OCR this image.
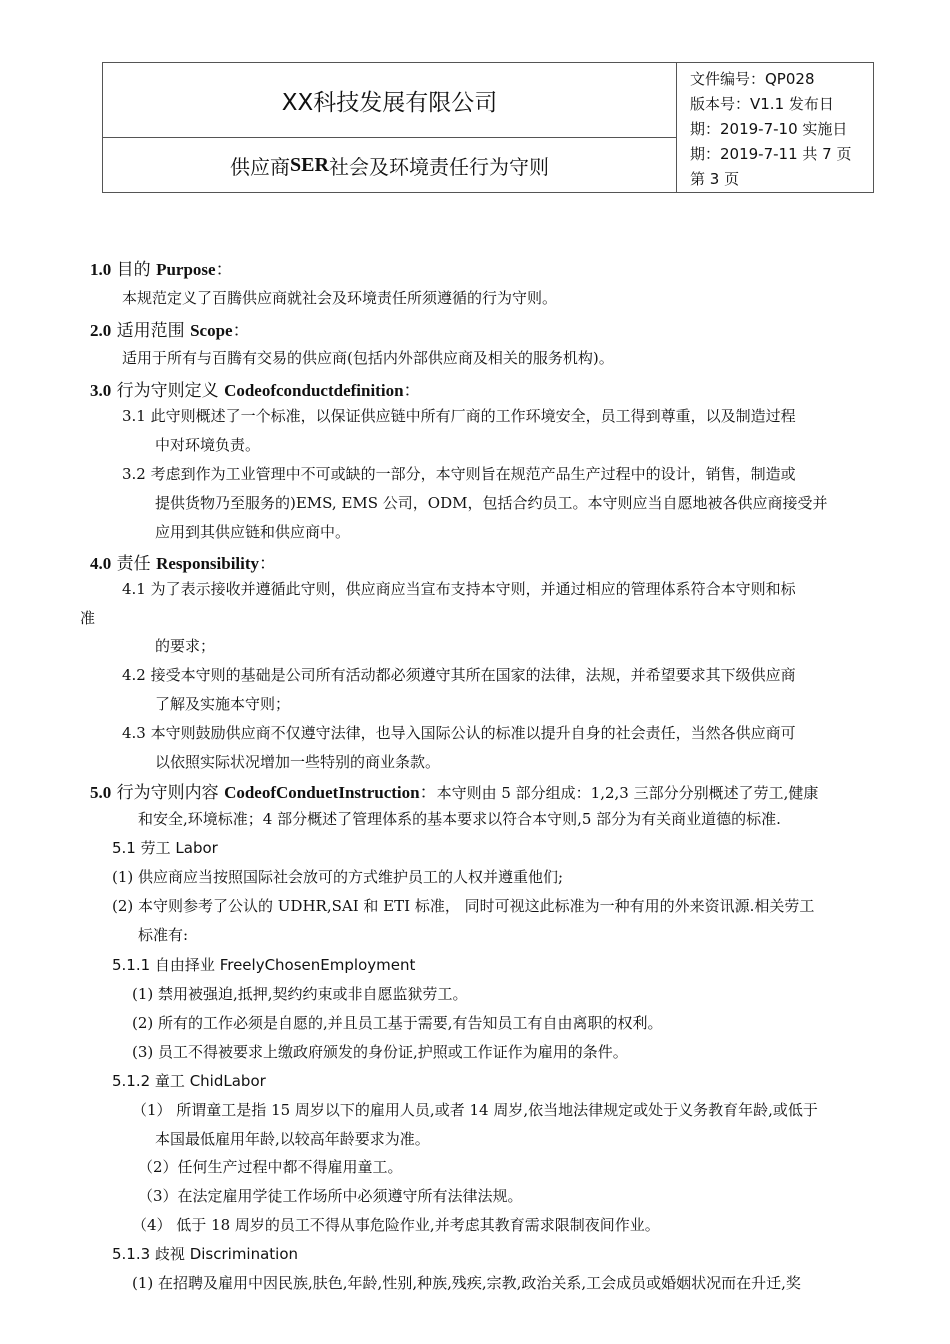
XX科技发展有限公司
供应商 SER 社会及环境责任行为守则
文件编号：QP028
版本号：V1.1 发布日
期：2019-7-10 实施日
期：2019-7-11 共 7 页
第 3 页
1.0 目的 Purpose：
本规范定义了百腾供应商就社会及环境责任所须遵循的行为守则。
2.0 适用范围 Scope：
适用于所有与百腾有交易的供应商(包括内外部供应商及相关的服务机构)。
3.0 行为守则定义 Codeofconductdefinition：
3.1 此守则概述了一个标准，以保证供应链中所有厂商的工作环境安全，员工得到尊重，以及制造过程
中对环境负责。
3.2 考虑到作为工业管理中不可或缺的一部分，本守则旨在规范产品生产过程中的设计，销售，制造或
提供货物乃至服务的)EMS, EMS 公司，ODM，包括合约员工。本守则应当自愿地被各供应商接受并
应用到其供应链和供应商中。
4.0 责任 Responsibility：
4.1 为了表示接收并遵循此守则，供应商应当宣布支持本守则，并通过相应的管理体系符合本守则和标
准
的要求；
4.2 接受本守则的基础是公司所有活动都必须遵守其所在国家的法律，法规，并希望要求其下级供应商
了解及实施本守则；
4.3 本守则鼓励供应商不仅遵守法律，也导入国际公认的标准以提升自身的社会责任，当然各供应商可
以依照实际状况增加一些特别的商业条款。
5.0 行为守则内容 CodeofConduetInstruction：本守则由 5 部分组成：1,2,3 三部分分别概述了劳工,健康
和安全,环境标准；4 部分概述了管理体系的基本要求以符合本守则,5 部分为有关商业道德的标准.
5.1 劳工 Labor
(1) 供应商应当按照国际社会放可的方式维护员工的人权并遵重他们;
(2) 本守则参考了公认的 UDHR,SAI 和 ETI 标准， 同时可视这此标准为一种有用的外来资讯源.相关劳工
标准有:
5.1.1 自由择业 FreelyChosenEmployment
(1) 禁用被强迫,抵押,契约约束或非自愿监狱劳工。
(2) 所有的工作必须是自愿的,并且员工基于需要,有告知员工有自由离职的权利。
(3) 员工不得被要求上缴政府颁发的身份证,护照或工作证作为雇用的条件。
5.1.2 童工 ChidLabor
（1） 所谓童工是指 15 周岁以下的雇用人员,或者 14 周岁,依当地法律规定或处于义务教育年龄,或低于
本国最低雇用年龄,以较高年龄要求为准。
（2）任何生产过程中都不得雇用童工。
（3）在法定雇用学徒工作场所中必须遵守所有法律法规。
（4） 低于 18 周岁的员工不得从事危险作业,并考虑其教育需求限制夜间作业。
5.1.3 歧视 Discrimination
(1) 在招聘及雇用中因民族,肤色,年龄,性别,种族,残疾,宗教,政治关系,工会成员或婚姻状况而在升迁,奖
